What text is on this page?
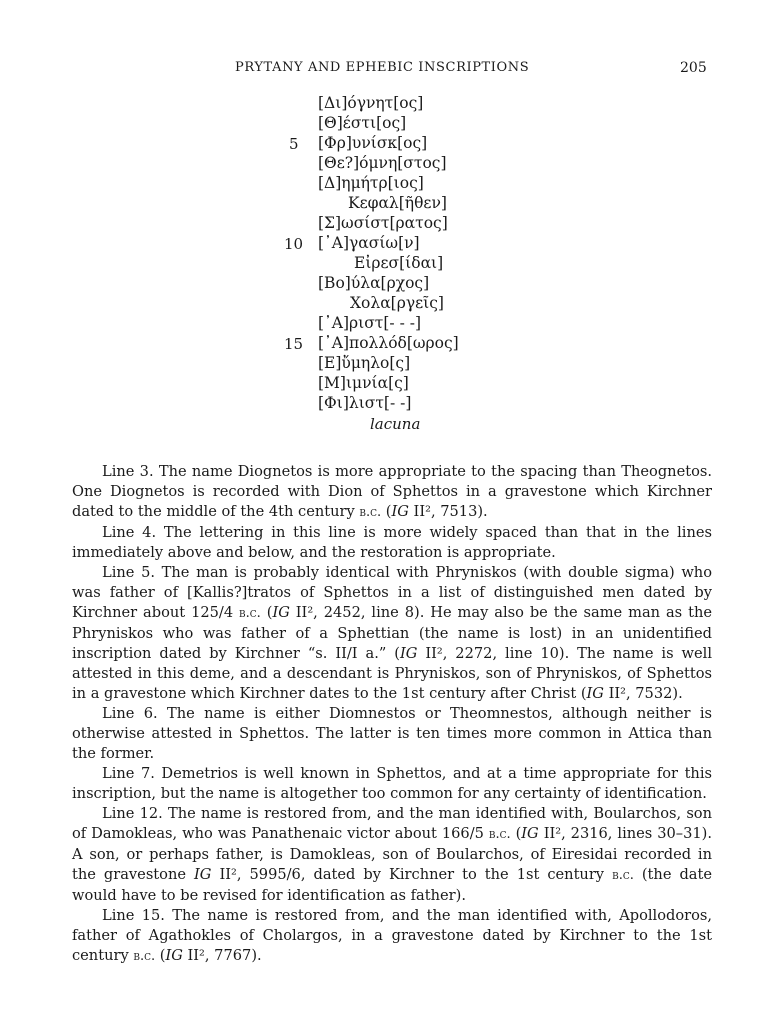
PRYTANY AND EPHEBIC INSCRIPTIONS	205
[Δι]όγνητ[ος]
[Θ]έστι[ος]
5 [Φρ]υνίσκ[ος]
[Θε?]όμνη[στος]
[Δ]ημήτρ[ιος]
Κεφαλ[ῆθεν]
[Σ]ωσίστ[ρατος]
10 [᾿Α]γασίω[ν]
Εἰρεσ[ίδαι]
[Βο]ύλα[ρχος]
Χολα[ργεῖς]
[᾿Α]ριστ[- - -]
15 [᾿Α]πολλόδ[ωρος]
[Ε]ὔμηλο[ς]
[Μ]ιμνία[ς]
[Φι]λιστ[- -]
lacuna

Line 3. The name Diognetos is more appropriate to the spacing than Theognetos. One Diognetos is recorded with Dion of Sphettos in a gravestone which Kirchner dated to the middle of the 4th century b.c. (IG II², 7513).

Line 4. The lettering in this line is more widely spaced than that in the lines immediately above and below, and the restoration is appropriate.

Line 5. The man is probably identical with Phryniskos (with double sigma) who was father of [Kallis?]tratos of Sphettos in a list of distinguished men dated by Kirchner about 125/4 b.c. (IG II², 2452, line 8). He may also be the same man as the Phryniskos who was father of a Sphettian (the name is lost) in an unidentified inscription dated by Kirchner “s. II/I a.” (IG II², 2272, line 10). The name is well attested in this deme, and a descendant is Phryniskos, son of Phryniskos, of Sphettos in a gravestone which Kirchner dates to the 1st century after Christ (IG II², 7532).

Line 6. The name is either Diomnestos or Theomnestos, although neither is otherwise attested in Sphettos. The latter is ten times more common in Attica than the former.

Line 7. Demetrios is well known in Sphettos, and at a time appropriate for this inscription, but the name is altogether too common for any certainty of identification.

Line 12. The name is restored from, and the man identified with, Boularchos, son of Damokleas, who was Panathenaic victor about 166/5 b.c. (IG II², 2316, lines 30–31). A son, or perhaps father, is Damokleas, son of Boularchos, of Eiresidai recorded in the gravestone IG II², 5995/6, dated by Kirchner to the 1st century b.c. (the date would have to be revised for identification as father).

Line 15. The name is restored from, and the man identified with, Apollodoros, father of Agathokles of Cholargos, in a gravestone dated by Kirchner to the 1st century b.c. (IG II², 7767).
